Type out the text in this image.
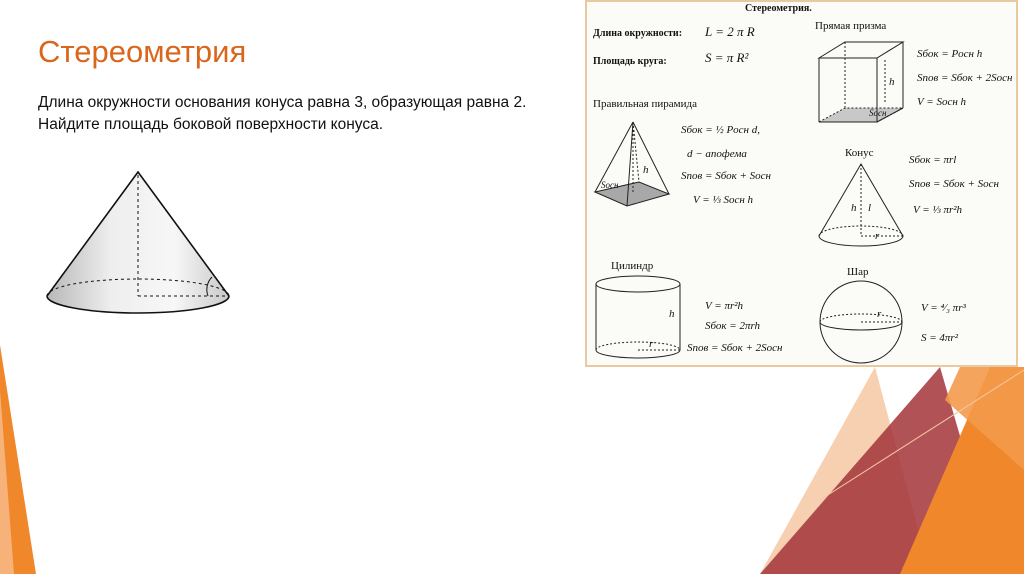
Стереометрия

Длина окружности основания конуса равна 3, образующая равна 2. Найдите площадь боковой поверхности конуса.

Стереометрия.
Длина окружности: L = 2 π R
Площадь круга:	S = π R²
Прямая призма
h
Sосн
Sбок = Pосн h
Sпов = Sбок + 2Sосн
V = Sосн h
Правильная пирамида
h
Sосн
Sбок = ½ Pосн d,
d − апофема
Sпов = Sбок + Sосн
V = ⅓ Sосн h
Конус
h l
r
Sбок = πrl
Sпов = Sбок + Sосн
V = ⅓ πr²h
Цилиндр
h
r
V = πr²h
Sбок = 2πrh
Sпов = Sбок + 2Sосн
Шар
r	V = ⁴⁄₃ πr³
S = 4πr²
